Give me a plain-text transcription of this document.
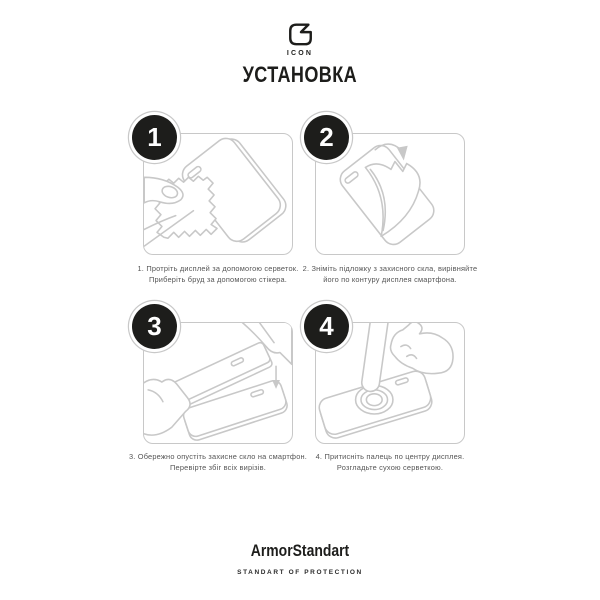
ICON
УСТАНОВКА
1
1. Протріть дисплей за допомогою серветок.
Приберіть бруд за допомогою стікера.
2
2. Зніміть підложку з захисного скла, вирівняйте
його по контуру дисплея смартфона.
3
3. Обережно опустіть захисне скло на смартфон.
Перевірте збіг всіх вирізів.
4
4. Притисніть палець по центру дисплея.
Розгладьте сухою серветкою.
ArmorStandart
STANDART OF PROTECTION
